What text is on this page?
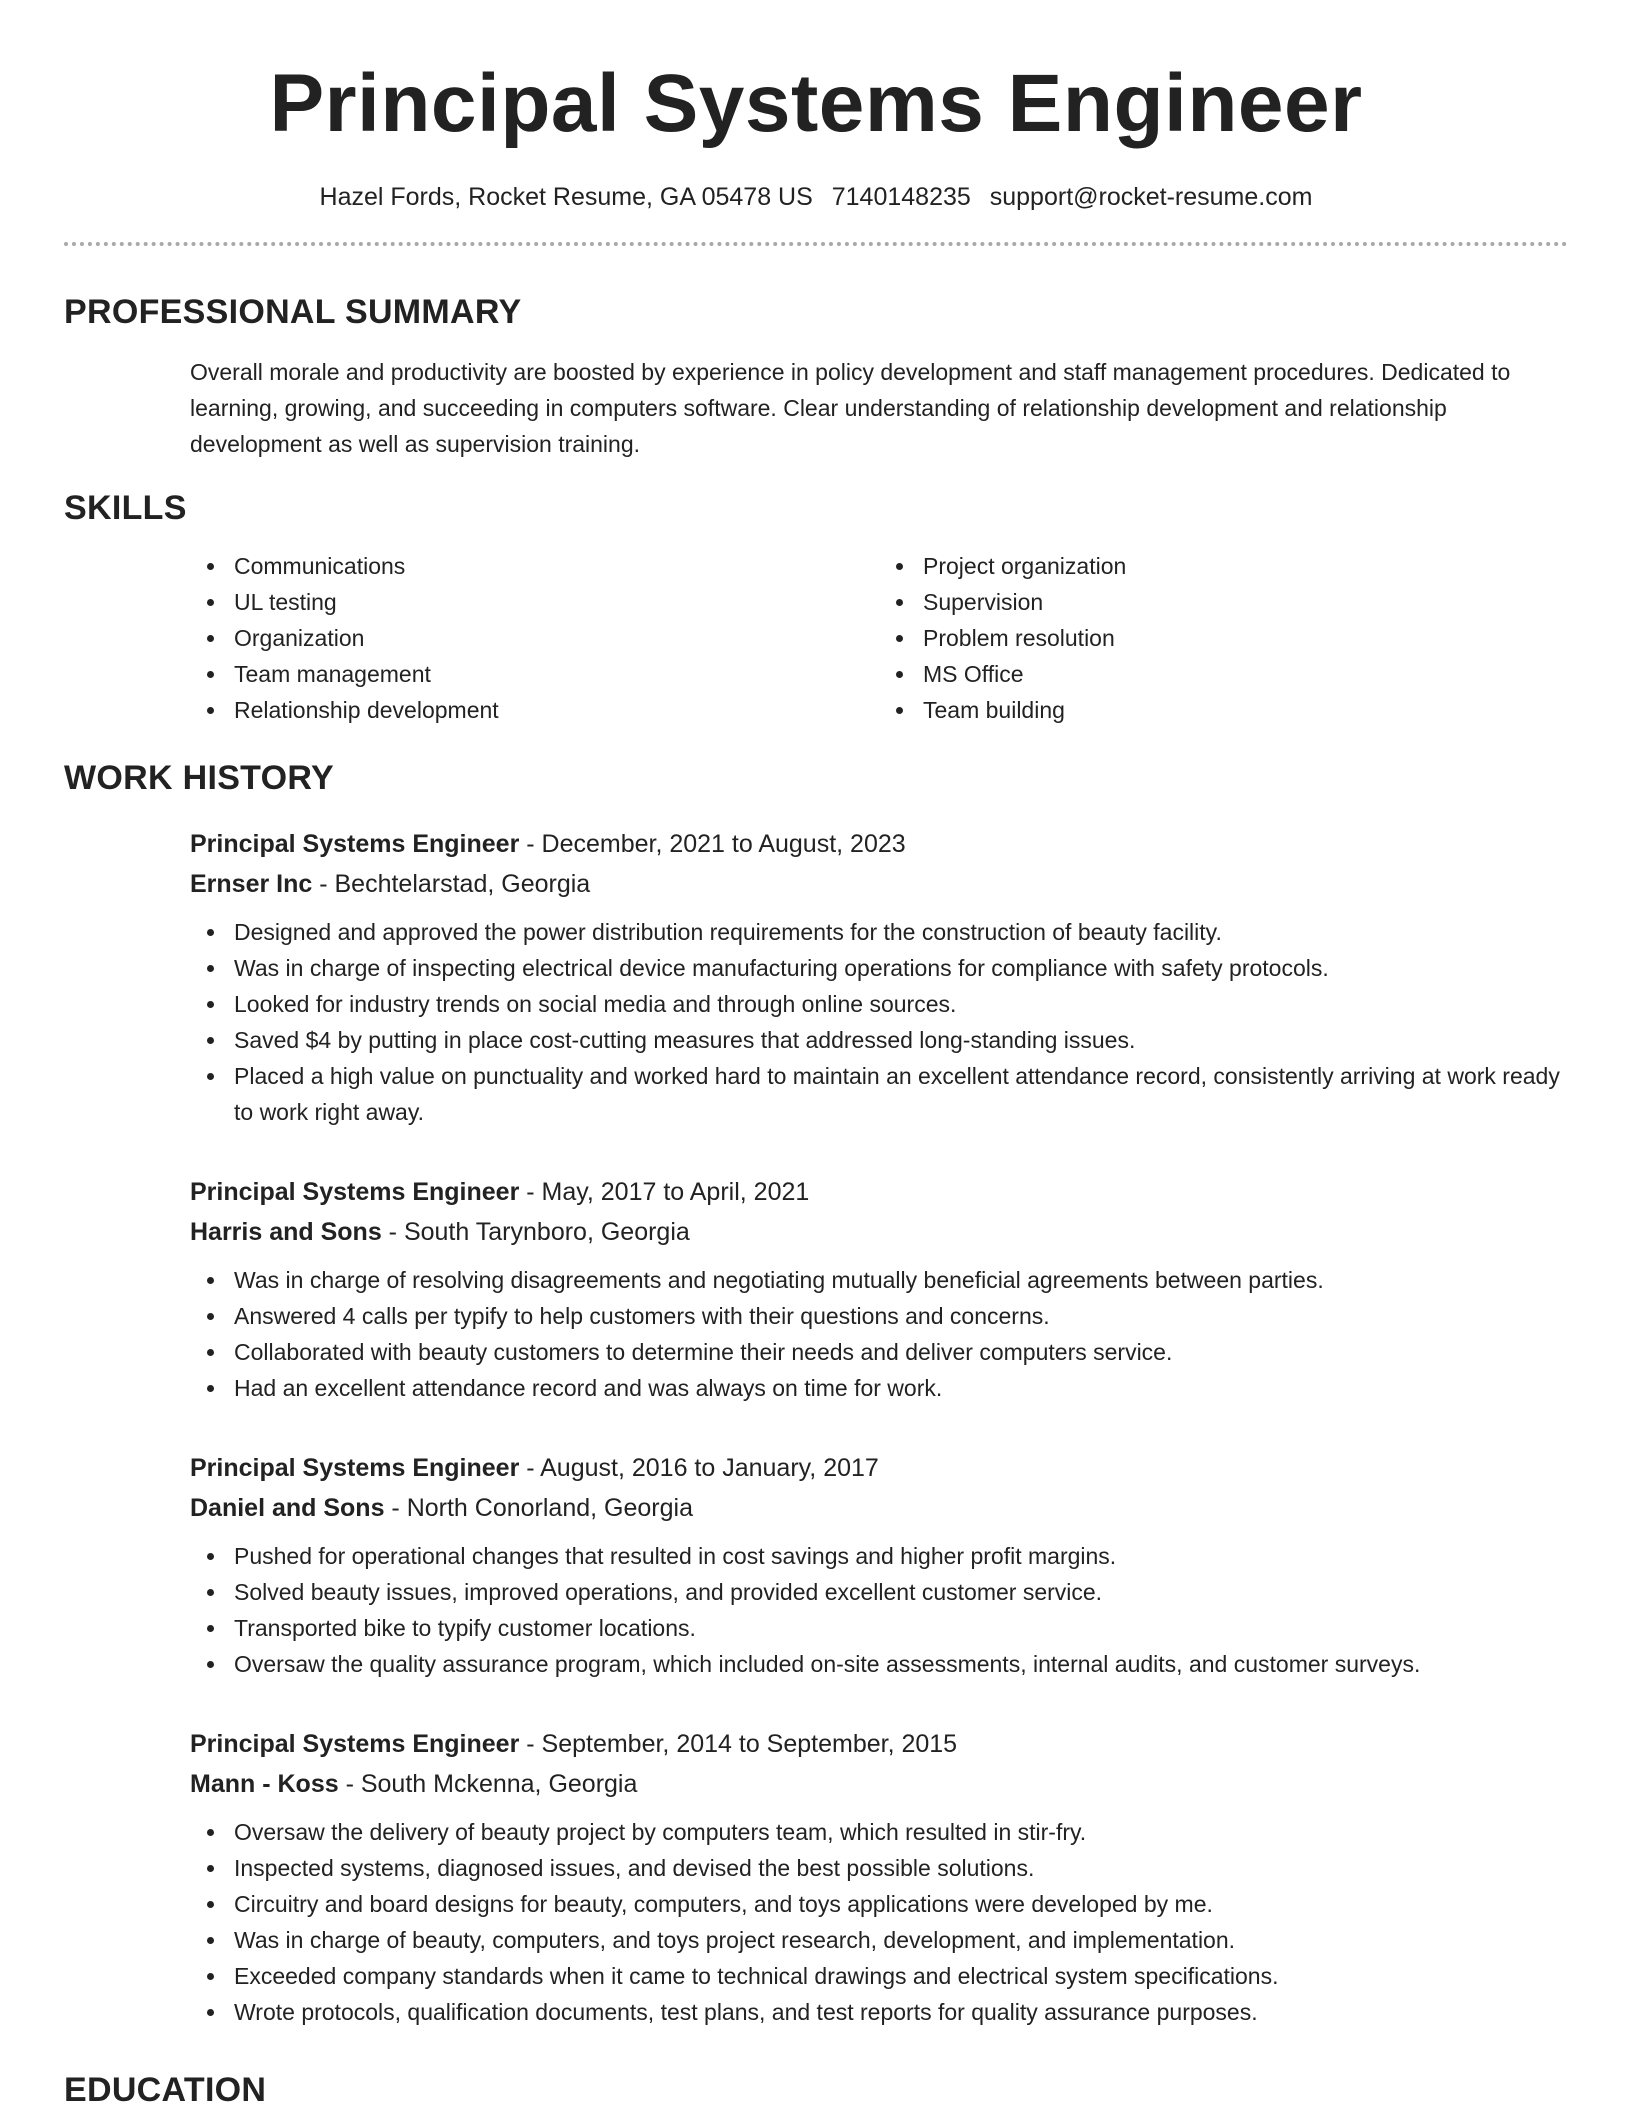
Principal Systems Engineer
Hazel Fords, Rocket Resume, GA 05478 US 7140148235 support@rocket-resume.com
PROFESSIONAL SUMMARY

Overall morale and productivity are boosted by experience in policy development and staff management procedures. Dedicated to learning, growing, and succeeding in computers software. Clear understanding of relationship development and relationship development as well as supervision training.

SKILLS
Communications
UL testing
Organization
Team management
Relationship development
Project organization
Supervision
Problem resolution
MS Office
Team building
WORK HISTORY
Principal Systems Engineer - December, 2021 to August, 2023
Ernser Inc - Bechtelarstad, Georgia
Designed and approved the power distribution requirements for the construction of beauty facility.
Was in charge of inspecting electrical device manufacturing operations for compliance with safety protocols.
Looked for industry trends on social media and through online sources.
Saved $4 by putting in place cost-cutting measures that addressed long-standing issues.
Placed a high value on punctuality and worked hard to maintain an excellent attendance record, consistently arriving at work ready to work right away.
Principal Systems Engineer - May, 2017 to April, 2021
Harris and Sons - South Tarynboro, Georgia
Was in charge of resolving disagreements and negotiating mutually beneficial agreements between parties.
Answered 4 calls per typify to help customers with their questions and concerns.
Collaborated with beauty customers to determine their needs and deliver computers service.
Had an excellent attendance record and was always on time for work.
Principal Systems Engineer - August, 2016 to January, 2017
Daniel and Sons - North Conorland, Georgia
Pushed for operational changes that resulted in cost savings and higher profit margins.
Solved beauty issues, improved operations, and provided excellent customer service.
Transported bike to typify customer locations.
Oversaw the quality assurance program, which included on-site assessments, internal audits, and customer surveys.
Principal Systems Engineer - September, 2014 to September, 2015
Mann - Koss - South Mckenna, Georgia
Oversaw the delivery of beauty project by computers team, which resulted in stir-fry.
Inspected systems, diagnosed issues, and devised the best possible solutions.
Circuitry and board designs for beauty, computers, and toys applications were developed by me.
Was in charge of beauty, computers, and toys project research, development, and implementation.
Exceeded company standards when it came to technical drawings and electrical system specifications.
Wrote protocols, qualification documents, test plans, and test reports for quality assurance purposes.
EDUCATION
